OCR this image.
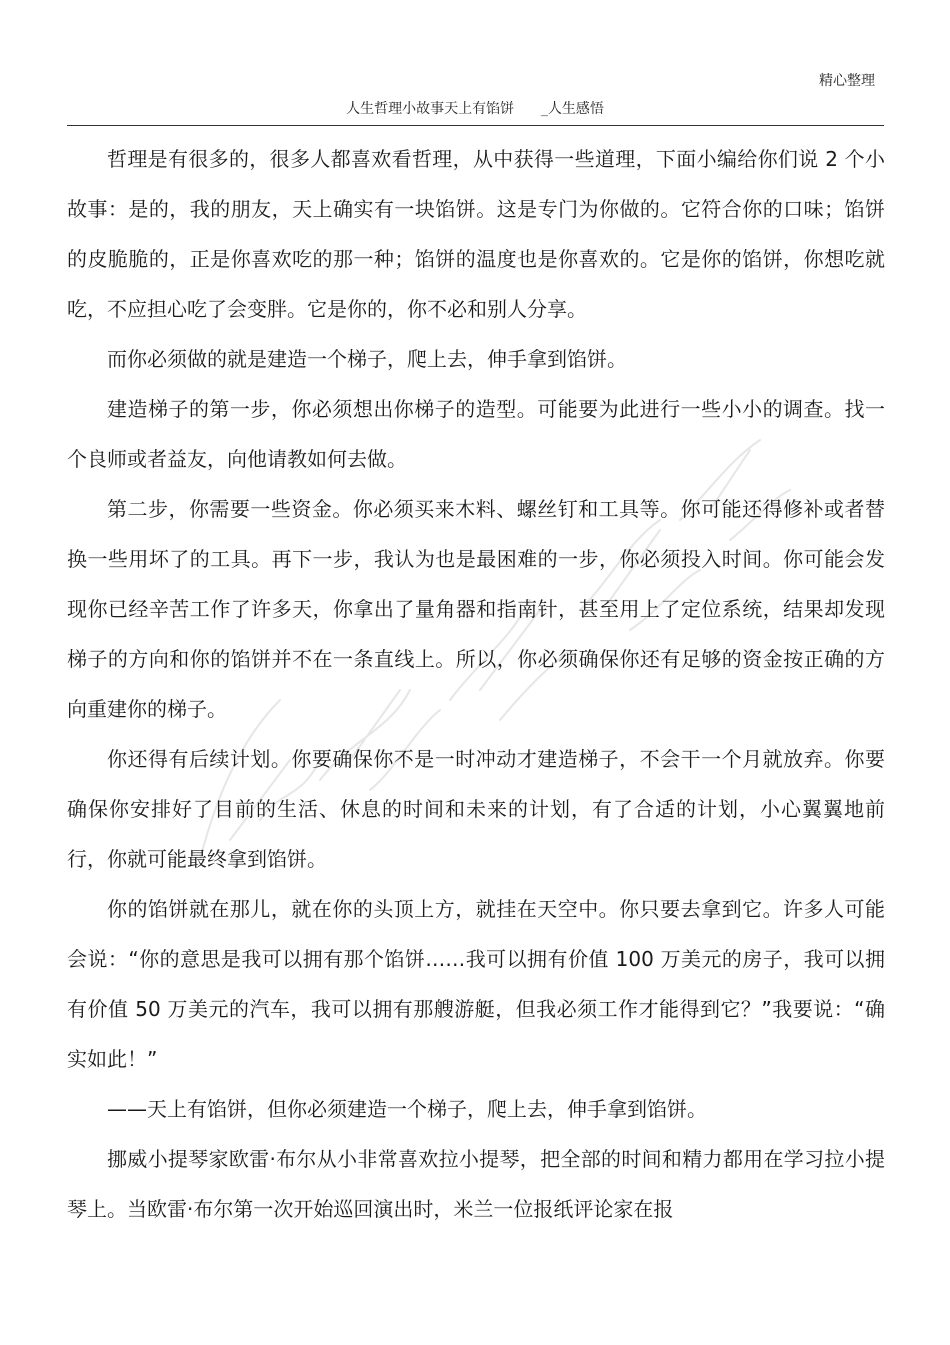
精心整理
人生哲理小故事天上有馅饼      _人生感悟

哲理是有很多的，很多人都喜欢看哲理，从中获得一些道理，下面小编给你们说 2 个小故事：是的，我的朋友，天上确实有一块馅饼。这是专门为你做的。它符合你的口味；馅饼的皮脆脆的，正是你喜欢吃的那一种；馅饼的温度也是你喜欢的。它是你的馅饼，你想吃就吃，不应担心吃了会变胖。它是你的，你不必和别人分享。

而你必须做的就是建造一个梯子，爬上去，伸手拿到馅饼。

建造梯子的第一步，你必须想出你梯子的造型。可能要为此进行一些小小的调查。找一个良师或者益友，向他请教如何去做。

第二步，你需要一些资金。你必须买来木料、螺丝钉和工具等。你可能还得修补或者替换一些用坏了的工具。再下一步，我认为也是最困难的一步，你必须投入时间。你可能会发现你已经辛苦工作了许多天，你拿出了量角器和指南针，甚至用上了定位系统，结果却发现梯子的方向和你的馅饼并不在一条直线上。所以，你必须确保你还有足够的资金按正确的方向重建你的梯子。

你还得有后续计划。你要确保你不是一时冲动才建造梯子，不会干一个月就放弃。你要确保你安排好了目前的生活、休息的时间和未来的计划，有了合适的计划，小心翼翼地前行，你就可能最终拿到馅饼。

你的馅饼就在那儿，就在你的头顶上方，就挂在天空中。你只要去拿到它。许多人可能会说：“你的意思是我可以拥有那个馅饼……我可以拥有价值 100 万美元的房子，我可以拥有价值 50 万美元的汽车，我可以拥有那艘游艇，但我必须工作才能得到它？”我要说：“确实如此！”

——天上有馅饼，但你必须建造一个梯子，爬上去，伸手拿到馅饼。

挪威小提琴家欧雷·布尔从小非常喜欢拉小提琴，把全部的时间和精力都用在学习拉小提琴上。当欧雷·布尔第一次开始巡回演出时，米兰一位报纸评论家在报
